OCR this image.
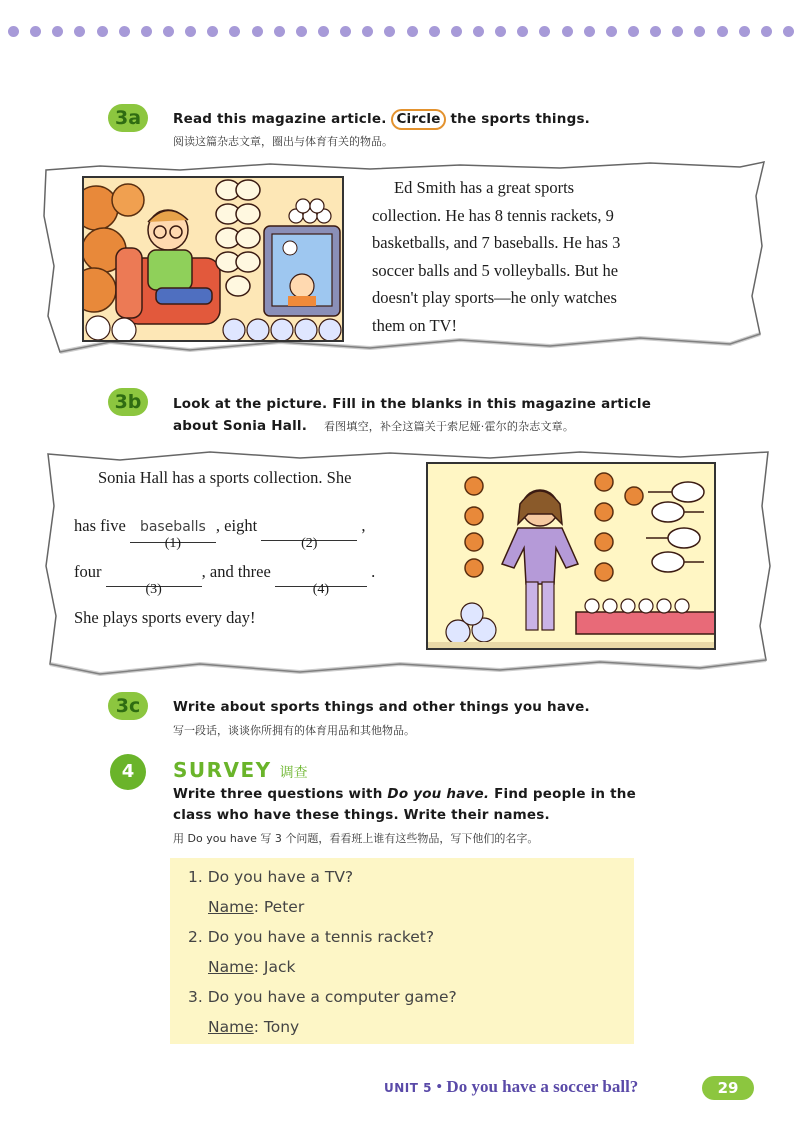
3a	Read this magazine article. Circle the sports things.
阅读这篇杂志文章，圈出与体育有关的物品。
Ed Smith has a great sports
collection. He has 8 tennis rackets, 9
basketballs, and 7 baseballs. He has 3
soccer balls and 5 volleyballs. But he
doesn't play sports—he only watches
them on TV!
3b	Look at the picture. Fill in the blanks in this magazine article
about Sonia Hall. 看图填空，补全这篇关于索尼娅·霍尔的杂志文章。
Sonia Hall has a sports collection. She
has five baseballs
(1)
, eight
(2)
,
four
(3)
, and three
(4)
.
She plays sports every day!
3c	Write about sports things and other things you have.
写一段话，谈谈你所拥有的体育用品和其他物品。
4	SURVEY 调查
Write three questions with Do you have. Find people in the
class who have these things. Write their names.
用 Do you have 写 3 个问题，看看班上谁有这些物品，写下他们的名字。
1. Do you have a TV?
Name: Peter
2. Do you have a tennis racket?
Name: Jack
3. Do you have a computer game?
Name: Tony
UNIT 5 • Do you have a soccer ball?	29
